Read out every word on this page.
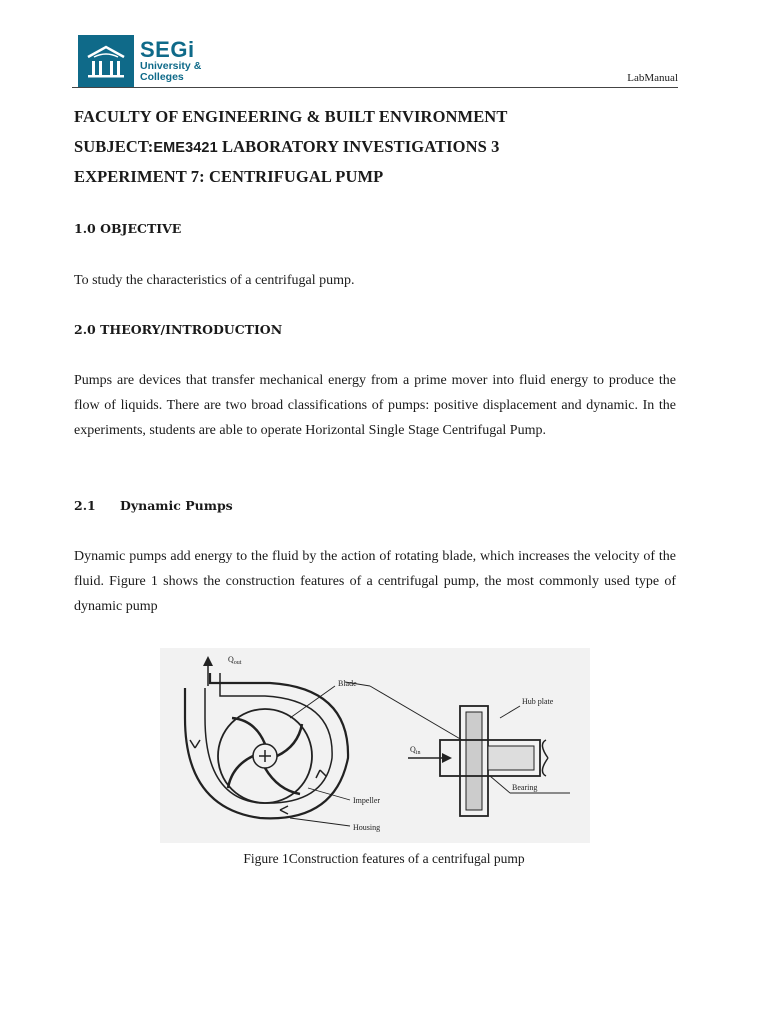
SEGi
University &
Colleges	LabManual
FACULTY OF ENGINEERING & BUILT ENVIRONMENT
SUBJECT:EME3421 LABORATORY INVESTIGATIONS 3
EXPERIMENT 7: CENTRIFUGAL PUMP
1.0 OBJECTIVE
To study the characteristics of a centrifugal pump.
2.0 THEORY/INTRODUCTION
Pumps are devices that transfer mechanical energy from a prime mover into fluid energy to produce the flow of liquids. There are two broad classifications of pumps: positive displacement and dynamic. In the experiments, students are able to operate Horizontal Single Stage Centrifugal Pump.
2.1 Dynamic Pumps
Dynamic pumps add energy to the fluid by the action of rotating blade, which increases the velocity of the fluid. Figure 1 shows the construction features of a centrifugal pump, the most commonly used type of dynamic pump
$Q_{out}$
Blade
Hub plate
$Q_{in}$
Impeller
Bearing
Housing
Figure 1Construction features of a centrifugal pump
